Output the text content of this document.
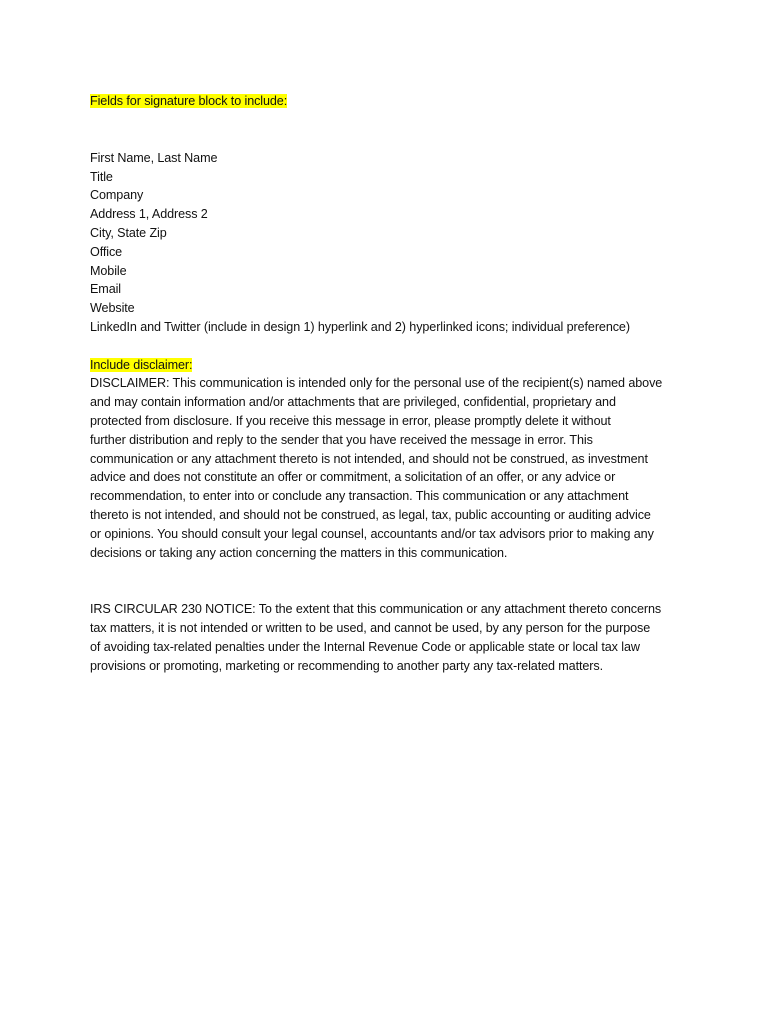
Fields for signature block to include:
First Name, Last Name
Title
Company
Address 1, Address 2
City, State Zip
Office
Mobile
Email
Website
LinkedIn and Twitter (include in design 1) hyperlink and 2) hyperlinked icons; individual preference)
Include disclaimer:

DISCLAIMER: This communication is intended only for the personal use of the recipient(s) named above
and may contain information and/or attachments that are privileged, confidential, proprietary and
protected from disclosure. If you receive this message in error, please promptly delete it without
further distribution and reply to the sender that you have received the message in error. This
communication or any attachment thereto is not intended, and should not be construed, as investment
advice and does not constitute an offer or commitment, a solicitation of an offer, or any advice or
recommendation, to enter into or conclude any transaction. This communication or any attachment
thereto is not intended, and should not be construed, as legal, tax, public accounting or auditing advice
or opinions. You should consult your legal counsel, accountants and/or tax advisors prior to making any
decisions or taking any action concerning the matters in this communication.

IRS CIRCULAR 230 NOTICE: To the extent that this communication or any attachment thereto concerns
tax matters, it is not intended or written to be used, and cannot be used, by any person for the purpose
of avoiding tax-related penalties under the Internal Revenue Code or applicable state or local tax law
provisions or promoting, marketing or recommending to another party any tax-related matters.
